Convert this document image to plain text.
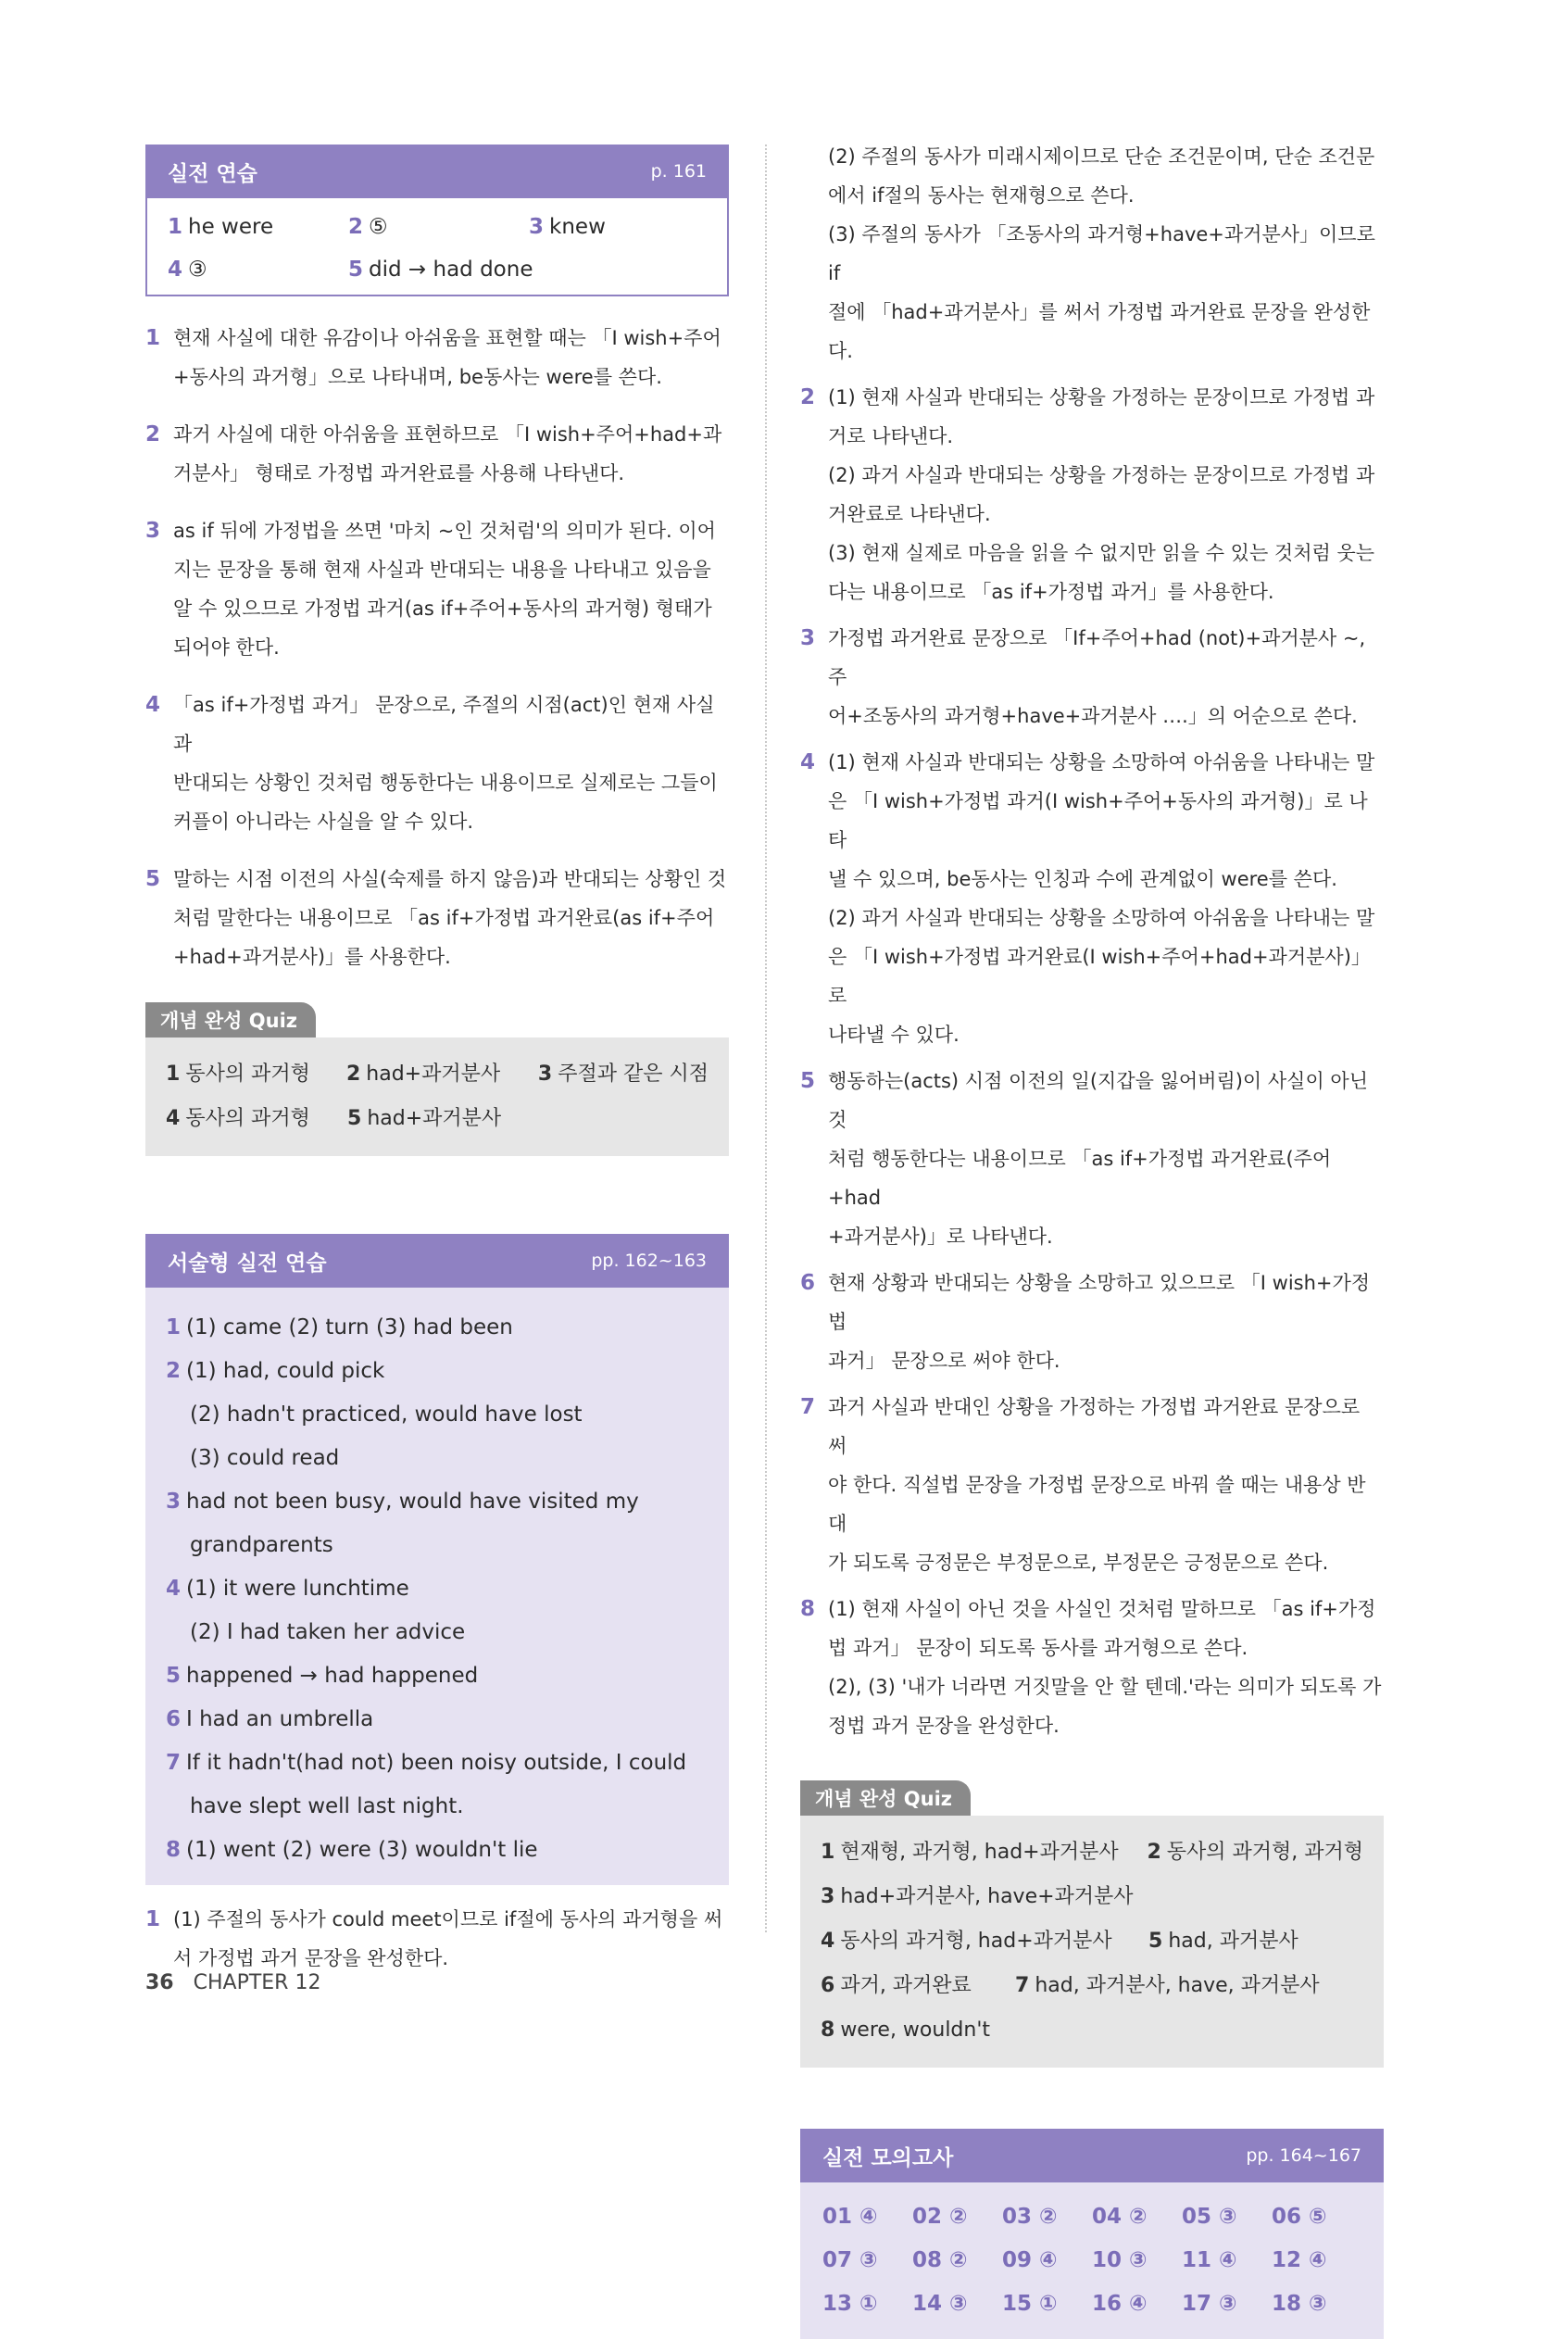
실전 연습	p. 161
1 he were	2 ⑤	3 knew
4 ③	5 did → had done
1 현재 사실에 대한 유감이나 아쉬움을 표현할 때는 「I wish+주어
+동사의 과거형」으로 나타내며, be동사는 were를 쓴다.
2 과거 사실에 대한 아쉬움을 표현하므로 「I wish+주어+had+과
거분사」 형태로 가정법 과거완료를 사용해 나타낸다.
3 as if 뒤에 가정법을 쓰면 '마치 ~인 것처럼'의 의미가 된다. 이어
지는 문장을 통해 현재 사실과 반대되는 내용을 나타내고 있음을
알 수 있으므로 가정법 과거(as if+주어+동사의 과거형) 형태가
되어야 한다.
4 「as if+가정법 과거」 문장으로, 주절의 시점(act)인 현재 사실과
반대되는 상황인 것처럼 행동한다는 내용이므로 실제로는 그들이
커플이 아니라는 사실을 알 수 있다.
5 말하는 시점 이전의 사실(숙제를 하지 않음)과 반대되는 상황인 것
처럼 말한다는 내용이므로 「as if+가정법 과거완료(as if+주어
+had+과거분사)」를 사용한다.
개념 완성 Quiz
1 동사의 과거형	2 had+과거분사	3 주절과 같은 시점
4 동사의 과거형	5 had+과거분사
서술형 실전 연습	pp. 162~163
1 (1) came (2) turn (3) had been
2 (1) had, could pick
(2) hadn't practiced, would have lost
(3) could read
3 had not been busy, would have visited my
grandparents
4 (1) it were lunchtime
(2) I had taken her advice
5 happened → had happened
6 I had an umbrella
7 If it hadn't(had not) been noisy outside, I could
have slept well last night.
8 (1) went (2) were (3) wouldn't lie
1 (1) 주절의 동사가 could meet이므로 if절에 동사의 과거형을 써
서 가정법 과거 문장을 완성한다.
(2) 주절의 동사가 미래시제이므로 단순 조건문이며, 단순 조건문
에서 if절의 동사는 현재형으로 쓴다.
(3) 주절의 동사가 「조동사의 과거형+have+과거분사」이므로 if
절에 「had+과거분사」를 써서 가정법 과거완료 문장을 완성한다.
2 (1) 현재 사실과 반대되는 상황을 가정하는 문장이므로 가정법 과
거로 나타낸다.
(2) 과거 사실과 반대되는 상황을 가정하는 문장이므로 가정법 과
거완료로 나타낸다.
(3) 현재 실제로 마음을 읽을 수 없지만 읽을 수 있는 것처럼 웃는
다는 내용이므로 「as if+가정법 과거」를 사용한다.
3 가정법 과거완료 문장으로 「If+주어+had (not)+과거분사 ~, 주
어+조동사의 과거형+have+과거분사 ….」의 어순으로 쓴다.
4 (1) 현재 사실과 반대되는 상황을 소망하여 아쉬움을 나타내는 말
은 「I wish+가정법 과거(I wish+주어+동사의 과거형)」로 나타
낼 수 있으며, be동사는 인칭과 수에 관계없이 were를 쓴다.
(2) 과거 사실과 반대되는 상황을 소망하여 아쉬움을 나타내는 말
은 「I wish+가정법 과거완료(I wish+주어+had+과거분사)」로
나타낼 수 있다.
5 행동하는(acts) 시점 이전의 일(지갑을 잃어버림)이 사실이 아닌 것
처럼 행동한다는 내용이므로 「as if+가정법 과거완료(주어+had
+과거분사)」로 나타낸다.
6 현재 상황과 반대되는 상황을 소망하고 있으므로 「I wish+가정법
과거」 문장으로 써야 한다.
7 과거 사실과 반대인 상황을 가정하는 가정법 과거완료 문장으로 써
야 한다. 직설법 문장을 가정법 문장으로 바꿔 쓸 때는 내용상 반대
가 되도록 긍정문은 부정문으로, 부정문은 긍정문으로 쓴다.
8 (1) 현재 사실이 아닌 것을 사실인 것처럼 말하므로 「as if+가정
법 과거」 문장이 되도록 동사를 과거형으로 쓴다.
(2), (3) '내가 너라면 거짓말을 안 할 텐데.'라는 의미가 되도록 가
정법 과거 문장을 완성한다.
개념 완성 Quiz
1 현재형, 과거형, had+과거분사	2 동사의 과거형, 과거형
3 had+과거분사, have+과거분사
4 동사의 과거형, had+과거분사	5 had, 과거분사
6 과거, 과거완료	7 had, 과거분사, have, 과거분사
8 were, wouldn't
실전 모의고사	pp. 164~167
01 ④	02 ②	03 ②	04 ②	05 ③	06 ⑤
07 ③	08 ②	09 ④	10 ③	11 ④	12 ④
13 ①	14 ③	15 ①	16 ④	17 ③	18 ③
36 CHAPTER 12
